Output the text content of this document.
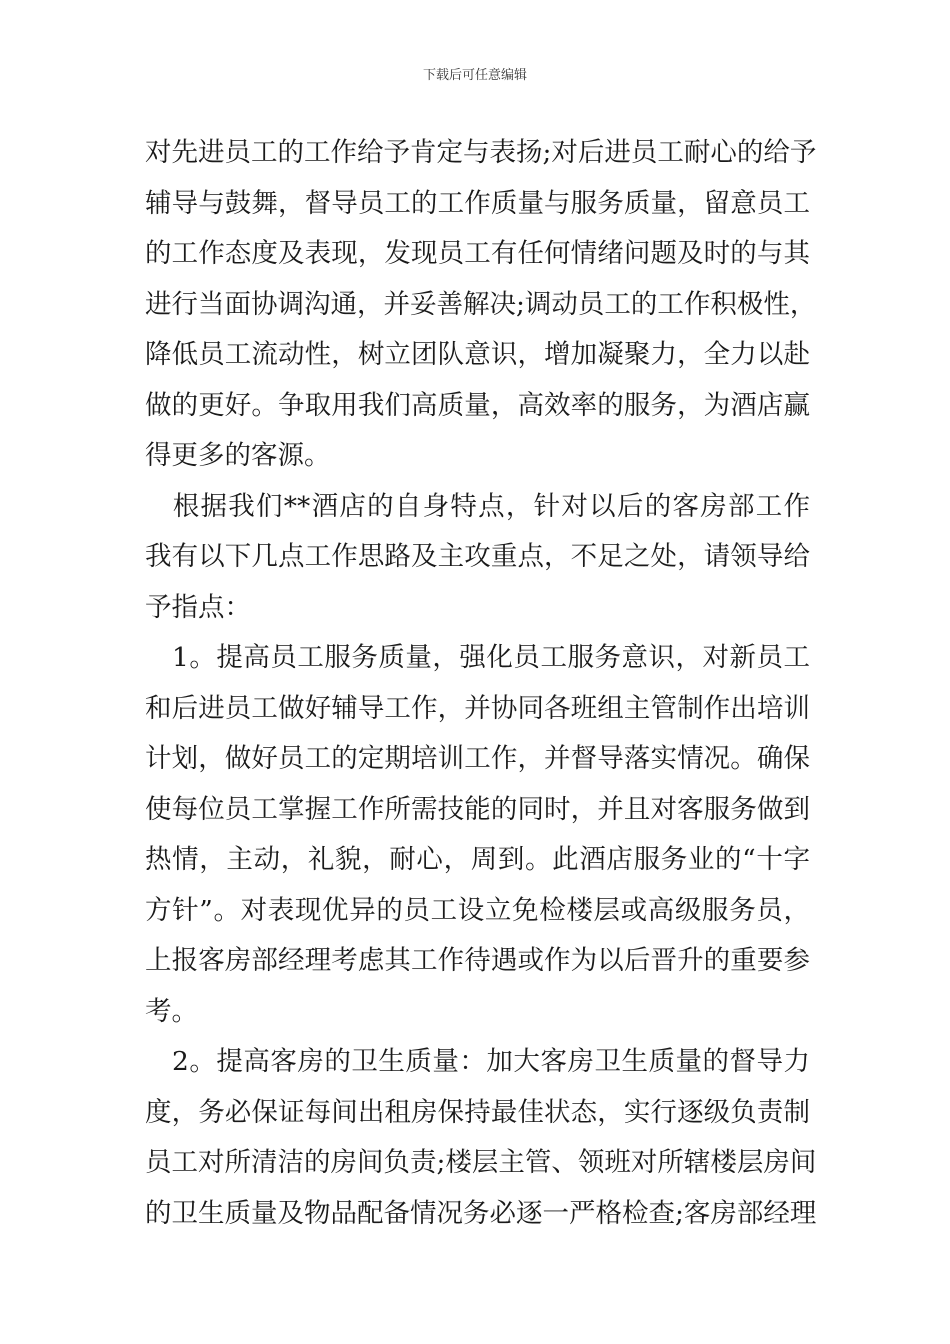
下载后可任意编辑
对先进员工的工作给予肯定与表扬;对后进员工耐心的给予
辅导与鼓舞，督导员工的工作质量与服务质量，留意员工
的工作态度及表现，发现员工有任何情绪问题及时的与其
进行当面协调沟通，并妥善解决;调动员工的工作积极性，
降低员工流动性，树立团队意识，增加凝聚力，全力以赴
做的更好。争取用我们高质量，高效率的服务，为酒店赢
得更多的客源。
　根据我们**酒店的自身特点，针对以后的客房部工作
我有以下几点工作思路及主攻重点，不足之处，请领导给
予指点：
　1。提高员工服务质量，强化员工服务意识，对新员工
和后进员工做好辅导工作，并协同各班组主管制作出培训
计划，做好员工的定期培训工作，并督导落实情况。确保
使每位员工掌握工作所需技能的同时，并且对客服务做到
热情，主动，礼貌，耐心，周到。此酒店服务业的“十字
方针”。对表现优异的员工设立免检楼层或高级服务员，
上报客房部经理考虑其工作待遇或作为以后晋升的重要参
考。
　2。提高客房的卫生质量：加大客房卫生质量的督导力
度，务必保证每间出租房保持最佳状态，实行逐级负责制
员工对所清洁的房间负责;楼层主管、领班对所辖楼层房间
的卫生质量及物品配备情况务必逐一严格检查;客房部经理
